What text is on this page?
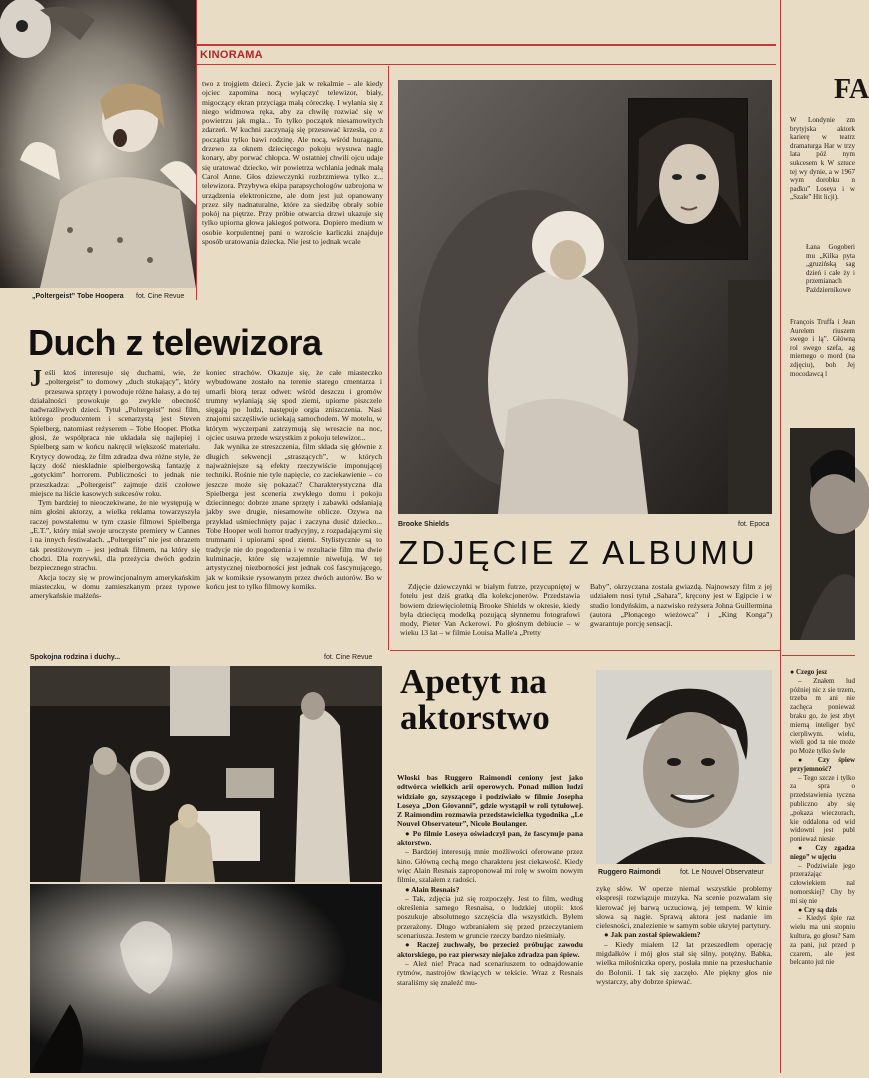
KINORAMA
„Poltergeist” Tobe Hoopera fot. Cine Revue

two z trojgiem dzieci. Życie jak w rekalmie – ale kiedy ojciec zapomina nocą wyłączyć telewizor, biały, migoczący ekran przyciąga małą córeczkę. I wyłania się z niego widmowa ręka, aby za chwilę rozwiać się w powietrzu jak mgła... To tylko początek niesamowitych zdarzeń. W kuchni zaczynają się przesuwać krzesła, co z początku tylko bawi rodzinę. Ale nocą, wśród huraganu, drzewo za oknem dziecięcego pokoju wysuwa nagle konary, aby porwać chłopca. W ostatniej chwili ojcu udaje się uratować dziecko, wir powietrza wchłania jednak małą Carol Anne. Głos dziewczynki rozbrzmiewa tylko z... telewizora. Przybywa ekipa parapsychologów uzbrojona w urządzenia elektroniczne, ale dom jest już opanowany przez siły nadnaturalne, które za siedzibę obrały sobie pokój na piętrze. Przy próbie otwarcia drzwi ukazuje się tylko upiorna głowa jakiegoś potwora. Dopiero medium w osobie korpulentnej pani o wzroście karliczki znajduje sposób uratowania dziecka. Nie jest to jednak wcale

Duch z telewizora

Jeśli ktoś interesuje się duchami, wie, że „poltergeist” to domowy „duch stukający”, który przesuwa sprzęty i powoduje różne hałasy, a do tej działalności prowokuje go zwykle obecność nadwrażliwych dzieci. Tytuł „Poltergeist” nosi film, którego producentem i scenarzystą jest Steven Spielberg, natomiast reżyserem – Tobe Hooper. Plotka głosi, że współpraca nie układała się najlepiej i Spielberg sam w końcu nakręcił większość materiału. Krytycy dowodzą, że film zdradza dwa różne style, że łączy dość nieskładnie spielbergowską fantazję z „gotyckim” horrorem. Publiczności to jednak nie przeszkadza: „Poltergeist” zajmuje dziś czołowe miejsce na liście kasowych sukcesów roku.

Tym bardziej to nieoczekiwane, że nie występują w nim głośni aktorzy, a wielka reklama towarzyszyła raczej powstałemu w tym czasie filmowi Spielberga „E.T.”, który miał swoje uroczyste premiery w Cannes i na innych festiwalach. „Poltergeist” nie jest obrazem tak prestiżowym – jest jednak filmem, na który się chodzi. Dla rozrywki, dla przeżycia dwóch godzin bezpiecznego strachu.

Akcja toczy się w prowincjonalnym amerykańskim miasteczku, w domu zamieszkanym przez typowe amerykańskie małżeńs-

koniec strachów. Okazuje się, że całe miasteczko wybudowane zostało na terenie starego cmentarza i umarli biorą teraz odwet: wśród deszczu i gromów trumny wyłaniają się spod ziemi, upiorne piszczele sięgają po ludzi, następuje orgia zniszczenia. Nasi znajomi szczęśliwie uciekają samochodem. W motelu, w którym wyczerpani zatrzymują się wreszcie na noc, ojciec usuwa przede wszystkim z pokoju telewizor...

Jak wynika ze streszczenia, film składa się głównie z długich sekwencji „straszących”, w których najważniejsze są efekty rzeczywiście imponującej techniki. Rośnie nie tyle napięcie, co zaciekawienie – co jeszcze może się pokazać? Charakterystyczna dla Spielberga jest sceneria zwykłego domu i pokoju dziecinnego: dobrze znane sprzęty i zabawki odsłaniają jakby swe drugie, niesamowite oblicze. Ozywa na przykład uśmiechnięty pajac i zaczyna dusić dziecko... Tobe Hooper woli horror tradycyjny, z rozpadającymi się trumnami i upiorami spod ziemi. Stylistycznie są to tradycje nie do pogodzenia i w rezultacie film ma dwie kulminacje, które się wzajemnie niwelują. W tej artystycznej niezborności jest jednak coś fascynującego, jak w komiksie rysowanym przez dwóch autorów. Bo w końcu jest to tylko filmowy komiks.

Spokojna rodzina i duchy...	fot. Cine Revue
Brooke Shields	fot. Epoca
ZDJĘCIE Z ALBUMU

Zdjęcie dziewczynki w białym futrze, przycupniętej w fotelu jest dziś gratką dla kolekcjonerów. Przedstawia bowiem dziewięcioletnią Brooke Shields w okresie, kiedy była dziecięcą modelką pozującą słynnemu fotografowi mody, Pieter Van Ackerowi. Po głośnym debiucie – w wieku 13 lat – w filmie Louisa Malle'a „Pretty

Baby”, okrzyczana została gwiazdą. Najnowszy film z jej udziałem nosi tytuł „Sahara”, kręcony jest w Egipcie i w studio londyńskim, a nazwisko reżysera Johna Guillermina (autora „Płonącego wieżowca” i „King Konga”) gwarantuje porcję sensacji.

Apetyt na aktorstwo

Włoski bas Ruggero Raimondi ceniony jest jako odtwórca wielkich arii operowych. Ponad milion ludzi widziało go, szyszącego i podziwiało w filmie Josepha Loseya „Don Giovanni”, gdzie wystąpił w roli tytułowej. Z Raimondim rozmawia przedstawicielka tygodnika „Le Nouvel Observateur”, Nicole Boulanger.

● Po filmie Loseya oświadczył pan, że fascynuje pana aktorstwo.

– Bardziej interesują mnie możliwości oferowane przez kino. Główną cechą mego charakteru jest ciekawość. Kiedy więc Alain Resnais zaproponował mi rolę w swoim nowym filmie, szalałem z radości.

● Alain Resnais?

– Tak, zdjęcia już się rozpoczęły. Jest to film, według określenia samego Resnaisa, o ludzkiej utopii: ktoś poszukuje absolutnego szczęścia dla wszystkich. Byłem przerażony. Długo wzbraniałem się przed przeczytaniem scenariusza. Jestem w gruncie rzeczy bardzo nieśmiały.

● Raczej zuchwały, bo przecież próbując zawodu aktorskiego, po raz pierwszy niejako zdradza pan śpiew.

– Ależ nie! Praca nad scenariuszem to odnajdowanie rytmów, nastrojów tkwiących w tekście. Wraz z Resnais staraliśmy się znaleźć mu-

Ruggero Raimondi	fot. Le Nouvel Observateur

zykę słów. W operze niemal wszystkie problemy ekspresji rozwiązuje muzyka. Na scenie pozwalam się kierować jej barwą uczuciową, jej tempem. W kinie słowa są nagie. Sprawą aktora jest nadanie im cielesności, znalezienie w samym sobie ukrytej partytury.

● Jak pan został śpiewakiem?

– Kiedy miałem 12 lat przeszedłem operację migdałków i mój głos stał się silny, potężny. Babka, wielka miłośniczka opery, posłała mnie na przesłuchanie do Bolonii. I tak się zaczęło. Ale piękny głos nie wystarczy, aby dobrze śpiewać.

FA

W Londynie zm brytyjska aktork karierę w teatrz dramaturga Har w trzy lata póź nym sukcesem k W sztuce tej wy dynie, a w 1967 wym dorobku n padku” Loseya i w „Szale” Hit licji).

Łana Gogoberi mu „Kilka pyta „gruzińską sag dzień i całe ży i przemianach Październikowe

François Truffa i Jean Aurelem riuszem swego i lą”. Główną rol swego szefa, ag miernego o mord (na zdjęciu), boh Jej mocodawcą l

● Czego jesz

– Znałem lud później nic z sie trzem, trzeba m ani nie zachęca ponieważ braku go, że jest zbyt mierną inteliger być cierpliwym. wielu, wieli god ta nie może po Może tylko śwle

● Czy śpiew przyjemność?

– Tego szcze i tylko za spra o przedstawienia tyczna publiczno aby się „pokaza wieczorach, kie oddalona od wid widowni jest publ ponieważ niesie

● Czy zgadza niego” w ujęciu

– Podziwiale jego przerażając człowiekiem nal nomorskiej? Chy by mi się nie

● Czy są dzis

– Kiedyś śpie raz wielu ma uni stopniu kultura, go głosu? Sam za pani, już przed p czarem, ale jest belcanto już nie
